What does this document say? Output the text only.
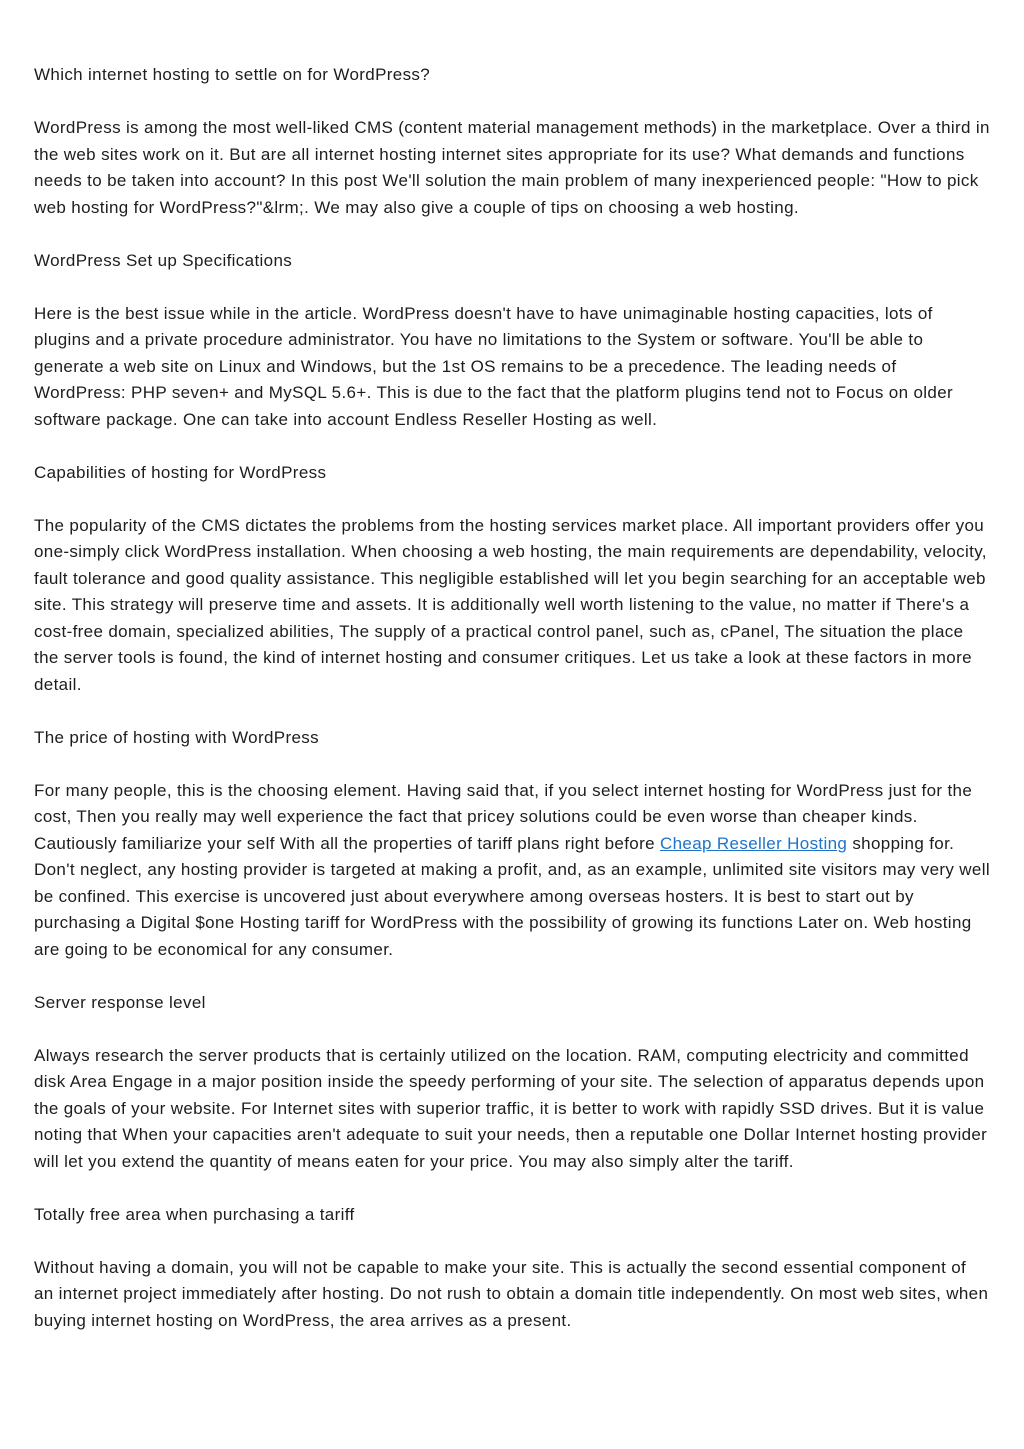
Which internet hosting to settle on for WordPress?

WordPress is among the most well-liked CMS (content material management methods) in the marketplace. Over a third in the web sites work on it. But are all internet hosting internet sites appropriate for its use? What demands and functions needs to be taken into account? In this post We'll solution the main problem of many inexperienced people: "How to pick web hosting for WordPress?"&lrm;. We may also give a couple of tips on choosing a web hosting.

WordPress Set up Specifications

Here is the best issue while in the article. WordPress doesn't have to have unimaginable hosting capacities, lots of plugins and a private procedure administrator. You have no limitations to the System or software. You'll be able to generate a web site on Linux and Windows, but the 1st OS remains to be a precedence. The leading needs of WordPress: PHP seven+ and MySQL 5.6+. This is due to the fact that the platform plugins tend not to Focus on older software package. One can take into account Endless Reseller Hosting as well.

Capabilities of hosting for WordPress

The popularity of the CMS dictates the problems from the hosting services market place. All important providers offer you one-simply click WordPress installation. When choosing a web hosting, the main requirements are dependability, velocity, fault tolerance and good quality assistance. This negligible established will let you begin searching for an acceptable web site. This strategy will preserve time and assets. It is additionally well worth listening to the value, no matter if There's a cost-free domain, specialized abilities, The supply of a practical control panel, such as, cPanel, The situation the place the server tools is found, the kind of internet hosting and consumer critiques. Let us take a look at these factors in more detail.

The price of hosting with WordPress

For many people, this is the choosing element. Having said that, if you select internet hosting for WordPress just for the cost, Then you really may well experience the fact that pricey solutions could be even worse than cheaper kinds. Cautiously familiarize your self With all the properties of tariff plans right before Cheap Reseller Hosting shopping for. Don't neglect, any hosting provider is targeted at making a profit, and, as an example, unlimited site visitors may very well be confined. This exercise is uncovered just about everywhere among overseas hosters. It is best to start out by purchasing a Digital $one Hosting tariff for WordPress with the possibility of growing its functions Later on. Web hosting are going to be economical for any consumer.

Server response level

Always research the server products that is certainly utilized on the location. RAM, computing electricity and committed disk Area Engage in a major position inside the speedy performing of your site. The selection of apparatus depends upon the goals of your website. For Internet sites with superior traffic, it is better to work with rapidly SSD drives. But it is value noting that When your capacities aren't adequate to suit your needs, then a reputable one Dollar Internet hosting provider will let you extend the quantity of means eaten for your price. You may also simply alter the tariff.

Totally free area when purchasing a tariff

Without having a domain, you will not be capable to make your site. This is actually the second essential component of an internet project immediately after hosting. Do not rush to obtain a domain title independently. On most web sites, when buying internet hosting on WordPress, the area arrives as a present.
